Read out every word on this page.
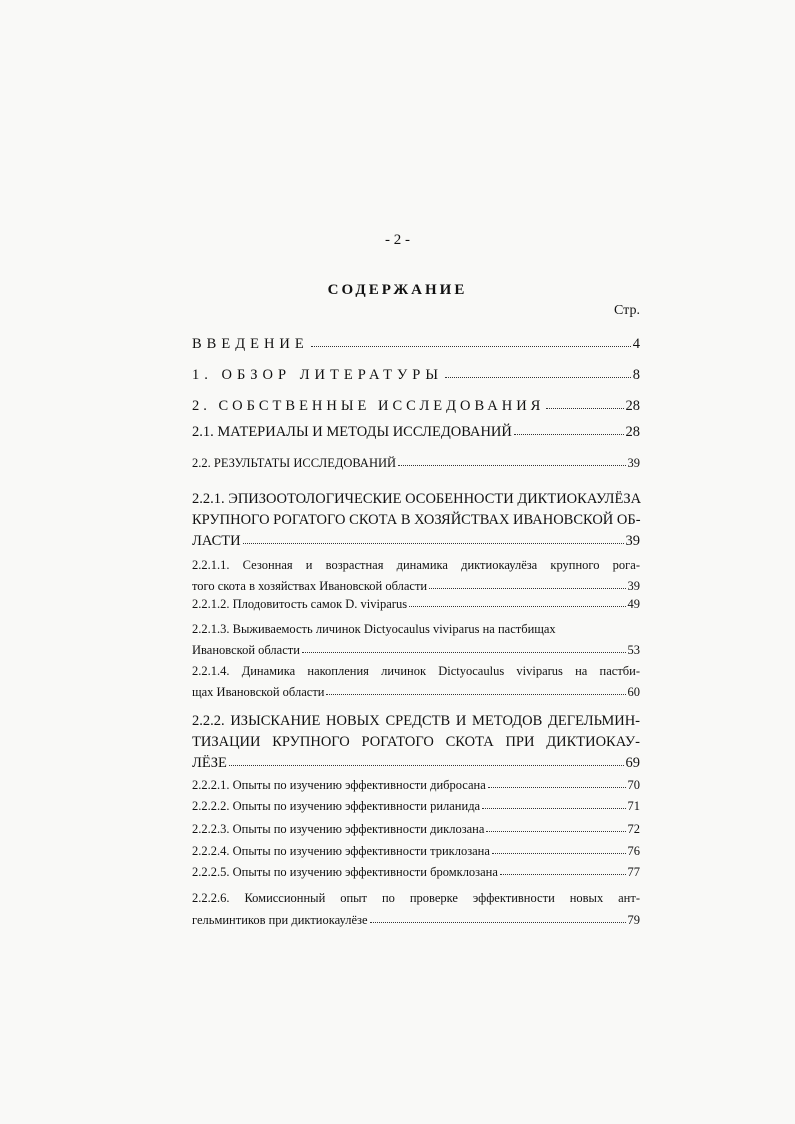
- 2 -
СОДЕРЖАНИЕ
Стр.
ВВЕДЕНИЕ	4
1. ОБЗОР ЛИТЕРАТУРЫ	8
2. СОБСТВЕННЫЕ ИССЛЕДОВАНИЯ	28
2.1. МАТЕРИАЛЫ И МЕТОДЫ ИССЛЕДОВАНИЙ	28
2.2. РЕЗУЛЬТАТЫ ИССЛЕДОВАНИЙ	39
2.2.1. ЭПИЗООТОЛОГИЧЕСКИЕ ОСОБЕННОСТИ ДИКТИОКАУЛЁЗА
КРУПНОГО РОГАТОГО СКОТА В ХОЗЯЙСТВАХ ИВАНОВСКОЙ ОБ-
ЛАСТИ	39
2.2.1.1. Сезонная и возрастная динамика диктиокаулёза крупного рога-
того скота в хозяйствах Ивановской области	39
2.2.1.2. Плодовитость самок D. viviparus	49
2.2.1.3. Выживаемость личинок Dictyocaulus viviparus на пастбищах
Ивановской области	53
2.2.1.4. Динамика накопления личинок Dictyocaulus viviparus на пастби-
щах Ивановской области	60
2.2.2. ИЗЫСКАНИЕ НОВЫХ СРЕДСТВ И МЕТОДОВ ДЕГЕЛЬМИН-
ТИЗАЦИИ КРУПНОГО РОГАТОГО СКОТА ПРИ ДИКТИОКАУ-
ЛЁЗЕ	69
2.2.2.1. Опыты по изучению эффективности дибросана	70
2.2.2.2. Опыты по изучению эффективности риланида	71
2.2.2.3. Опыты по изучению эффективности диклозана	72
2.2.2.4. Опыты по изучению эффективности триклозана	76
2.2.2.5. Опыты по изучению эффективности бромклозана	77
2.2.2.6. Комиссионный опыт по проверке эффективности новых ант-
гельминтиков при диктиокаулёзе	79
